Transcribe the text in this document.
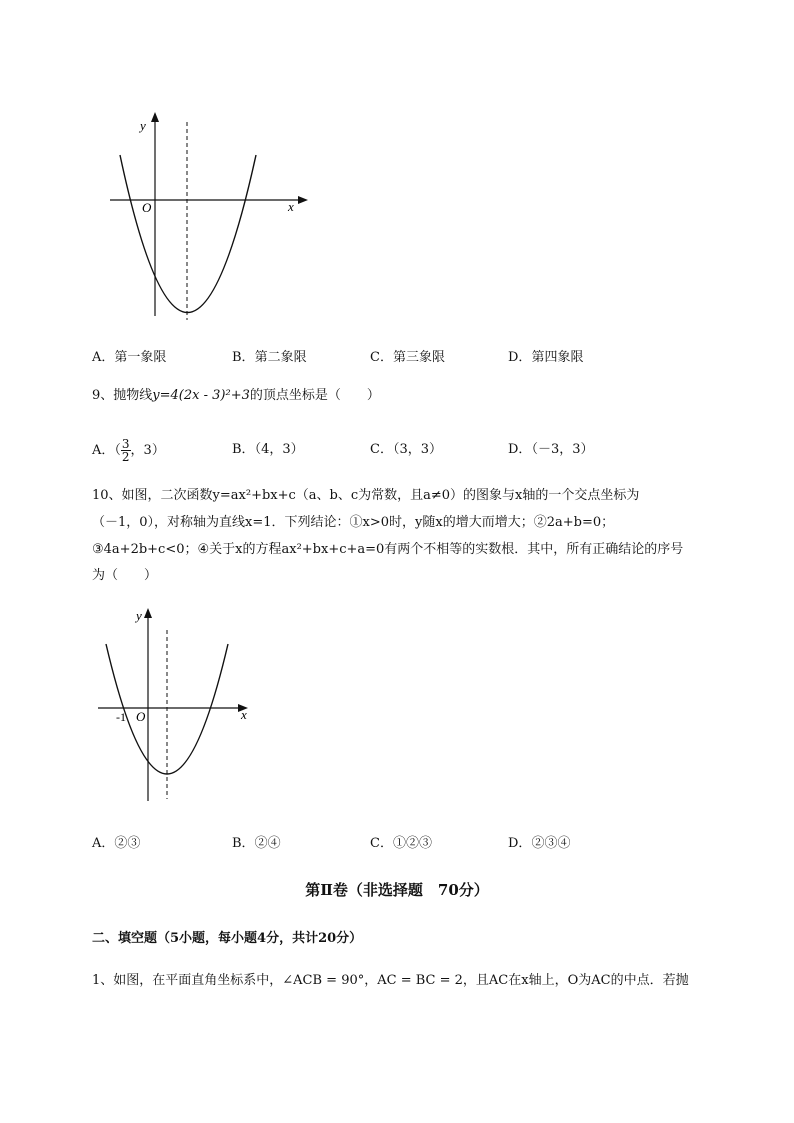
y
x
O
A．第一象限	B．第二象限	C．第三象限	D．第四象限
9、抛物线y=4(2x - 3)²+3的顶点坐标是（　　）
A．（ $\frac{3}{2}$ ，3）	B．（4，3）	C．（3，3）	D．（－3，3）
10、如图，二次函数y=ax²+bx+c（a、b、c为常数，且a≠0）的图象与x轴的一个交点坐标为
（－1，0），对称轴为直线x=1．下列结论：①x>0时，y随x的增大而增大；②2a+b=0；
③4a+2b+c<0；④关于x的方程ax²+bx+c+a=0有两个不相等的实数根．其中，所有正确结论的序号
为（　　）
y
x
O
-1
A．②③	B．②④	C．①②③	D．②③④
第Ⅱ卷（非选择题　70分）
二、填空题（5小题，每小题4分，共计20分）
1、如图，在平面直角坐标系中，∠ACB = 90°，AC = BC = 2，且AC在x轴上，O为AC的中点．若抛
